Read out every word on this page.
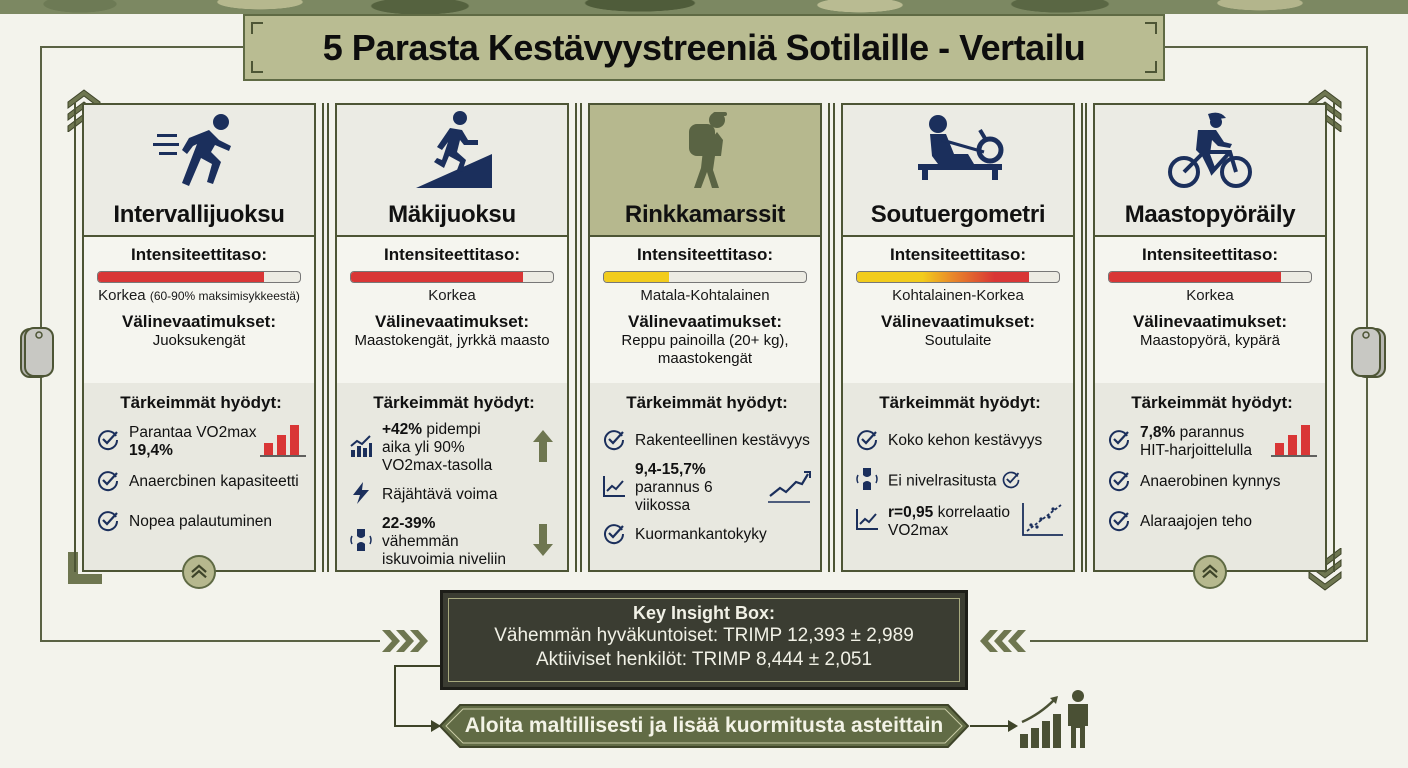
5 Parasta Kestävyystreeniä Sotilaille - Vertailu
Intervallijuoksu
Intensiteettitaso:
Korkea (60-90% maksimisykkeestä)
Välinevaatimukset:
Juoksukengät
Tärkeimmät hyödyt:
Parantaa VO2max 19,4%
Anaercbinen kapasiteetti
Nopea palautuminen
Mäkijuoksu
Intensiteettitaso:
Korkea
Välinevaatimukset:
Maastokengät, jyrkkä maasto
Tärkeimmät hyödyt:
+42% pidempi aika yli 90% VO2max-tasolla
Räjähtävä voima
22-39% vähemmän iskuvoimia niveliin
Rinkkamarssit
Intensiteettitaso:
Matala-Kohtalainen
Välinevaatimukset:
Reppu painoilla (20+ kg), maastokengät
Tärkeimmät hyödyt:
Rakenteellinen kestävyys
9,4-15,7% parannus 6 viikossa
Kuormankantokyky
Soutuergometri
Intensiteettitaso:
Kohtalainen-Korkea
Välinevaatimukset:
Soutulaite
Tärkeimmät hyödyt:
Koko kehon kestävyys
Ei nivelrasitusta
r=0,95 korrelaatio VO2max
Maastopyöräily
Intensiteettitaso:
Korkea
Välinevaatimukset:
Maastopyörä, kypärä
Tärkeimmät hyödyt:
7,8% parannus HIT-harjoittelulla
Anaerobinen kynnys
Alaraajojen teho
Key Insight Box:
Vähemmän hyväkuntoiset: TRIMP 12,393 ± 2,989
Aktiiviset henkilöt: TRIMP 8,444 ± 2,051
Aloita maltillisesti ja lisää kuormitusta asteittain
